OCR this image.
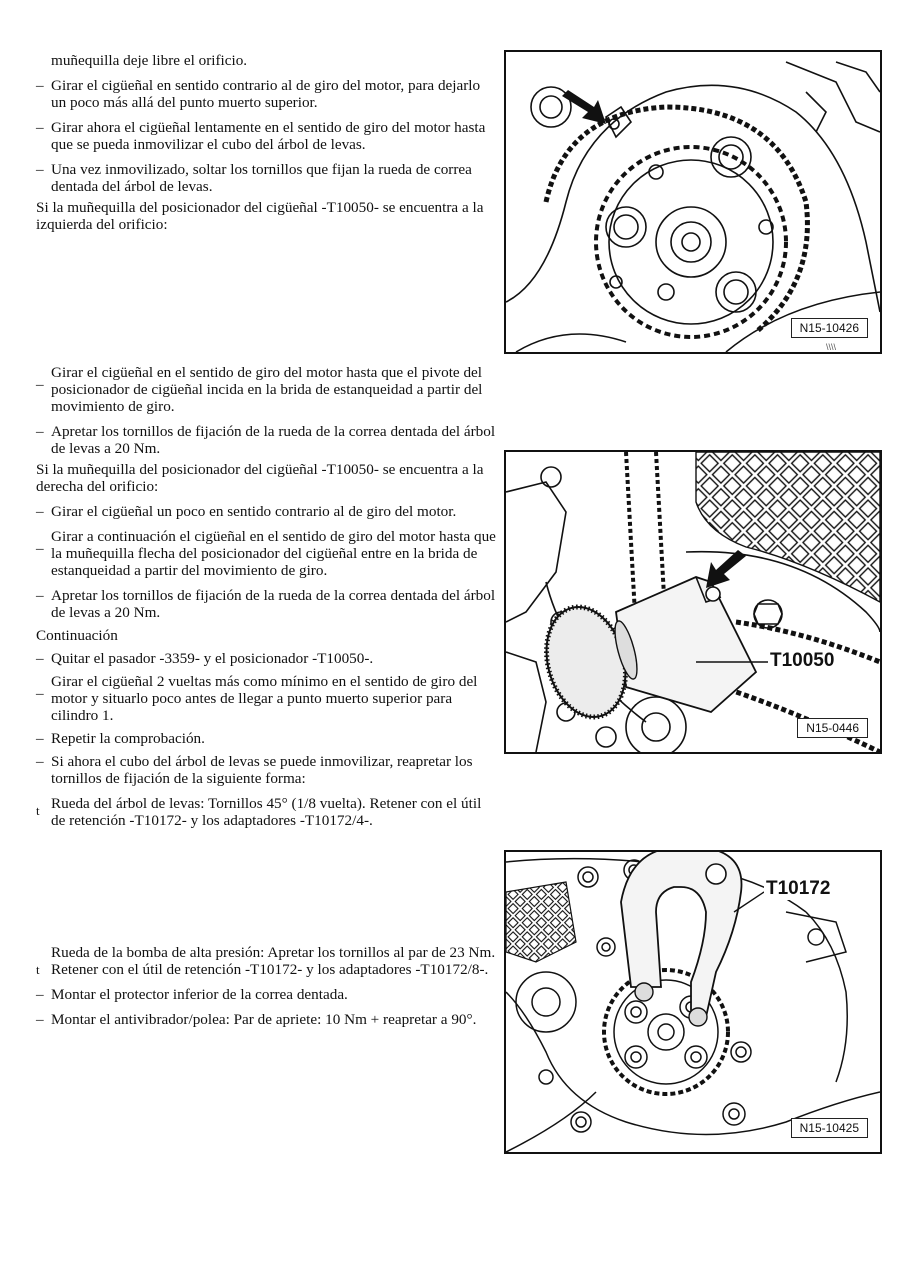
muñequilla deje libre el orificio.

– Girar el cigüeñal en sentido contrario al de giro del motor, para dejarlo un poco más allá del punto muerto superior.

– Girar ahora el cigüeñal lentamente en el sentido de giro del motor hasta que se pueda inmovilizar el cubo del árbol de levas.

– Una vez inmovilizado, soltar los tornillos que fijan la rueda de correa dentada del árbol de levas.

Si la muñequilla del posicionador del cigüeñal -T10050- se encuentra a la izquierda del orificio:

_ Girar el cigüeñal en el sentido de giro del motor hasta que el pivote del posicionador de cigüeñal incida en la brida de estanqueidad a partir del movimiento de giro.

– Apretar los tornillos de fijación de la rueda de la correa dentada del árbol de levas a 20 Nm.

Si la muñequilla del posicionador del cigüeñal -T10050- se encuentra a la derecha del orificio:

– Girar el cigüeñal un poco en sentido contrario al de giro del motor.

_ Girar a continuación el cigüeñal en el sentido de giro del motor hasta que la muñequilla flecha del posicionador del cigüeñal entre en la brida de estanqueidad a partir del movimiento de giro.

– Apretar los tornillos de fijación de la rueda de la correa dentada del árbol de levas a 20 Nm.

Continuación

– Quitar el pasador -3359- y el posicionador -T10050-.

_ Girar el cigüeñal 2 vueltas más como mínimo en el sentido de giro del motor y situarlo poco antes de llegar a punto muerto superior para cilindro 1.

– Repetir la comprobación.

– Si ahora el cubo del árbol de levas se puede inmovilizar, reapretar los tornillos de fijación de la siguiente forma:

t Rueda del árbol de levas: Tornillos 45° (1/8 vuelta). Retener con el útil de retención -T10172- y los adaptadores -T10172/4-.

t
Rueda de la bomba de alta presión: Apretar los tornillos al par de 23 Nm. Retener con el útil de retención -T10172- y los adaptadores -T10172/8-.

– Montar el protector inferior de la correa dentada.

– Montar el antivibrador/polea: Par de apriete: 10 Nm + reapretar a 90°.

N15-10426
\\\\
T10050
N15-0446
T10172
N15-10425
